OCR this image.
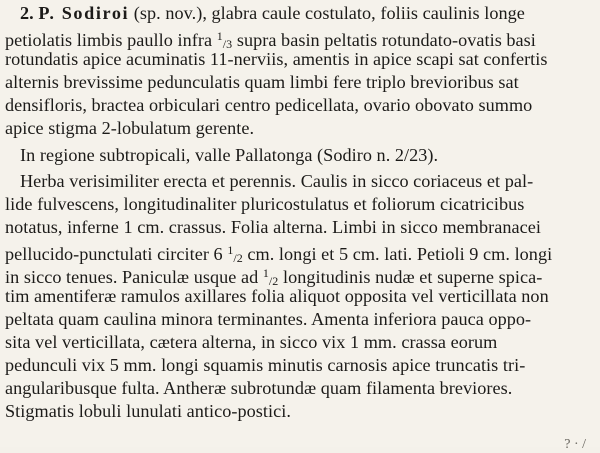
2. P. Sodiroi (sp. nov.), glabra caule costulato, foliis caulinis longe
petiolatis limbis paullo infra $^1$/3 supra basin peltatis rotundato-ovatis basi
rotundatis apice acuminatis 11-nerviis, amentis in apice scapi sat confertis
alternis brevissime pedunculatis quam limbi fere triplo brevioribus sat
densifloris, bractea orbiculari centro pedicellata, ovario obovato summo
apice stigma 2-lobulatum gerente.
In regione subtropicali, valle Pallatonga (Sodiro n. 2/23).
Herba verisimiliter erecta et perennis. Caulis in sicco coriaceus et pal-
lide fulvescens, longitudinaliter pluricostulatus et foliorum cicatricibus
notatus, inferne 1 cm. crassus. Folia alterna. Limbi in sicco membranacei
pellucido-punctulati circiter 6 $^1$/2 cm. longi et 5 cm. lati. Petioli 9 cm. longi
in sicco tenues. Paniculæ usque ad $^1$/2 longitudinis nudæ et superne spica-
tim amentiferæ ramulos axillares folia aliquot opposita vel verticillata non
peltata quam caulina minora terminantes. Amenta inferiora pauca oppo-
sita vel verticillata, cætera alterna, in sicco vix 1 mm. crassa eorum
pedunculi vix 5 mm. longi squamis minutis carnosis apice truncatis tri-
angularibusque fulta. Antheræ subrotundæ quam filamenta breviores.
Stigmatis lobuli lunulati antico-postici.
? · /
